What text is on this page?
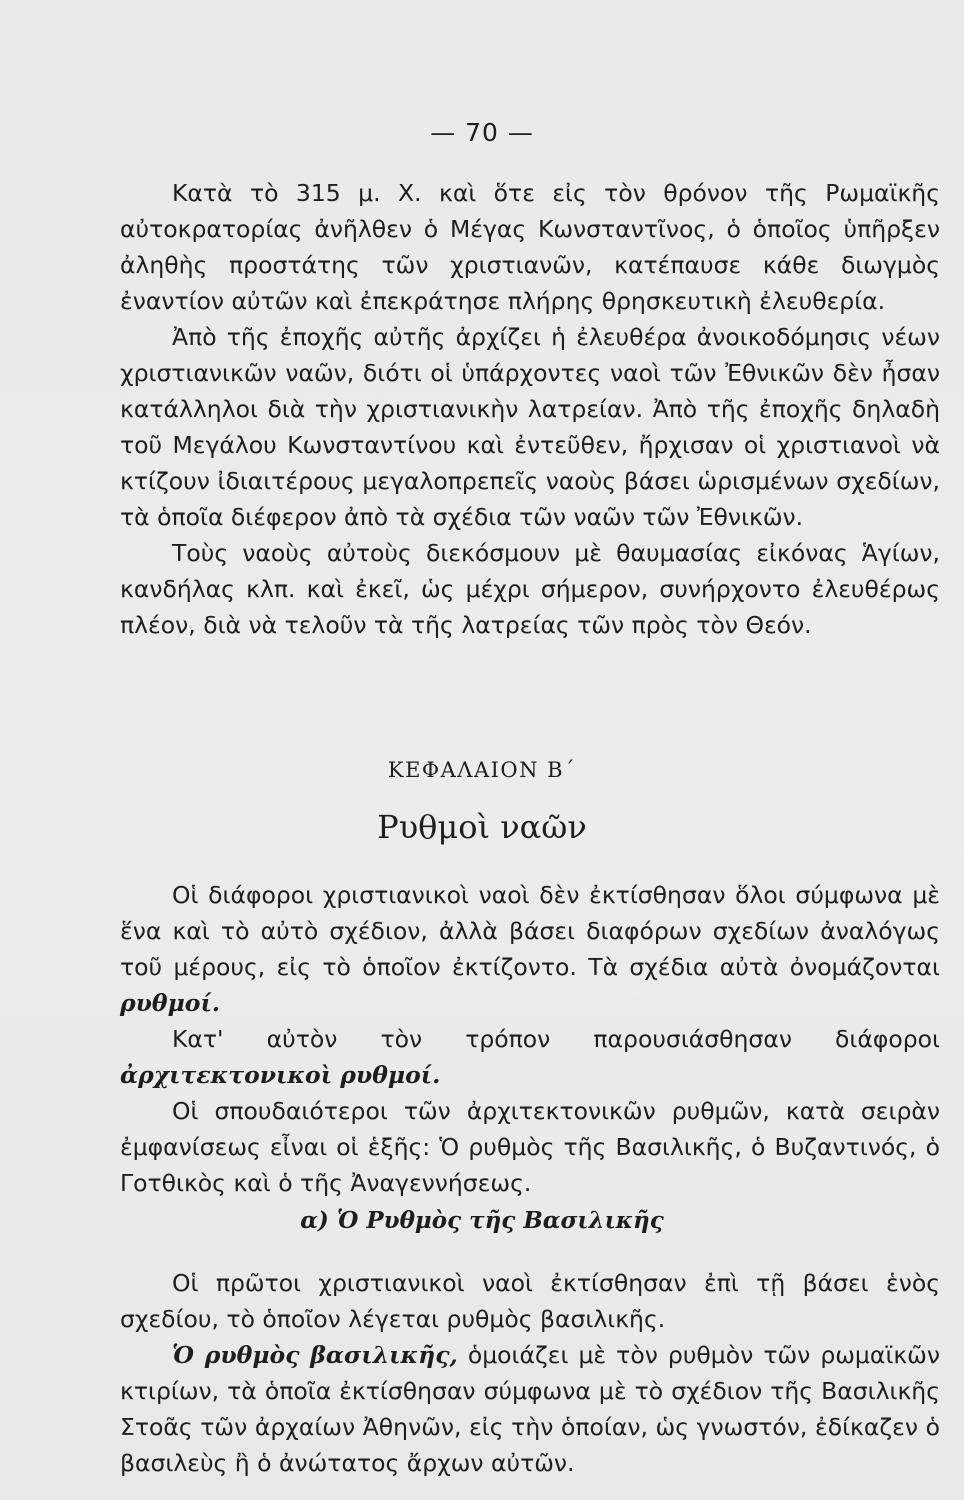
— 70 —

Κατὰ τὸ 315 μ. Χ. καὶ ὅτε εἰς τὸν θρόνον τῆς Ρωμαϊκῆς αὐτοκρατορίας ἀνῆλθεν ὁ Μέγας Κωνσταντῖνος, ὁ ὁποῖος ὑπῆρξεν ἀληθὴς προστάτης τῶν χριστιανῶν, κατέπαυσε κάθε διωγμὸς ἐναντίον αὐτῶν καὶ ἐπεκράτησε πλήρης θρησκευτικὴ ἐλευθερία.

Ἀπὸ τῆς ἐποχῆς αὐτῆς ἀρχίζει ἡ ἐλευθέρα ἀνοικοδόμησις νέων χριστιανικῶν ναῶν, διότι οἱ ὑπάρχοντες ναοὶ τῶν Ἐθνικῶν δὲν ἦσαν κατάλληλοι διὰ τὴν χριστιανικὴν λατρείαν. Ἀπὸ τῆς ἐποχῆς δηλαδὴ τοῦ Μεγάλου Κωνσταντίνου καὶ ἐντεῦθεν, ἤρχισαν οἱ χριστιανοὶ νὰ κτίζουν ἰδιαιτέρους μεγαλοπρεπεῖς ναοὺς βάσει ὡρισμένων σχεδίων, τὰ ὁποῖα διέφερον ἀπὸ τὰ σχέδια τῶν ναῶν τῶν Ἐθνικῶν.

Τοὺς ναοὺς αὐτοὺς διεκόσμουν μὲ θαυμασίας εἰκόνας Ἁγίων, κανδήλας κλπ. καὶ ἐκεῖ, ὡς μέχρι σήμερον, συνήρχοντο ἐλευθέρως πλέον, διὰ νὰ τελοῦν τὰ τῆς λατρείας τῶν πρὸς τὸν Θεόν.

ΚΕΦΑΛΑΙΟΝ Β΄
Ρυθμοὶ ναῶν

Οἱ διάφοροι χριστιανικοὶ ναοὶ δὲν ἐκτίσθησαν ὅλοι σύμφωνα μὲ ἕνα καὶ τὸ αὐτὸ σχέδιον, ἀλλὰ βάσει διαφόρων σχεδίων ἀναλόγως τοῦ μέρους, εἰς τὸ ὁποῖον ἐκτίζοντο. Τὰ σχέδια αὐτὰ ὀνομάζονται ρυθμοί.

Κατ' αὐτὸν τὸν τρόπον παρουσιάσθησαν διάφοροι ἀρχιτεκτονικοὶ ρυθμοί.

Οἱ σπουδαιότεροι τῶν ἀρχιτεκτονικῶν ρυθμῶν, κατὰ σειρὰν ἐμφανίσεως εἶναι οἱ ἑξῆς: Ὁ ρυθμὸς τῆς Βασιλικῆς, ὁ Βυζαντινός, ὁ Γοτθικὸς καὶ ὁ τῆς Ἀναγεννήσεως.

α) Ὁ Ρυθμὸς τῆς Βασιλικῆς

Οἱ πρῶτοι χριστιανικοὶ ναοὶ ἐκτίσθησαν ἐπὶ τῇ βάσει ἑνὸς σχεδίου, τὸ ὁποῖον λέγεται ρυθμὸς βασιλικῆς.

Ὁ ρυθμὸς βασιλικῆς, ὁμοιάζει μὲ τὸν ρυθμὸν τῶν ρωμαϊκῶν κτιρίων, τὰ ὁποῖα ἐκτίσθησαν σύμφωνα μὲ τὸ σχέδιον τῆς Βασιλικῆς Στοᾶς τῶν ἀρχαίων Ἀθηνῶν, εἰς τὴν ὁποίαν, ὡς γνωστόν, ἐδίκαζεν ὁ βασιλεὺς ἢ ὁ ἀνώτατος ἄρχων αὐτῶν.
